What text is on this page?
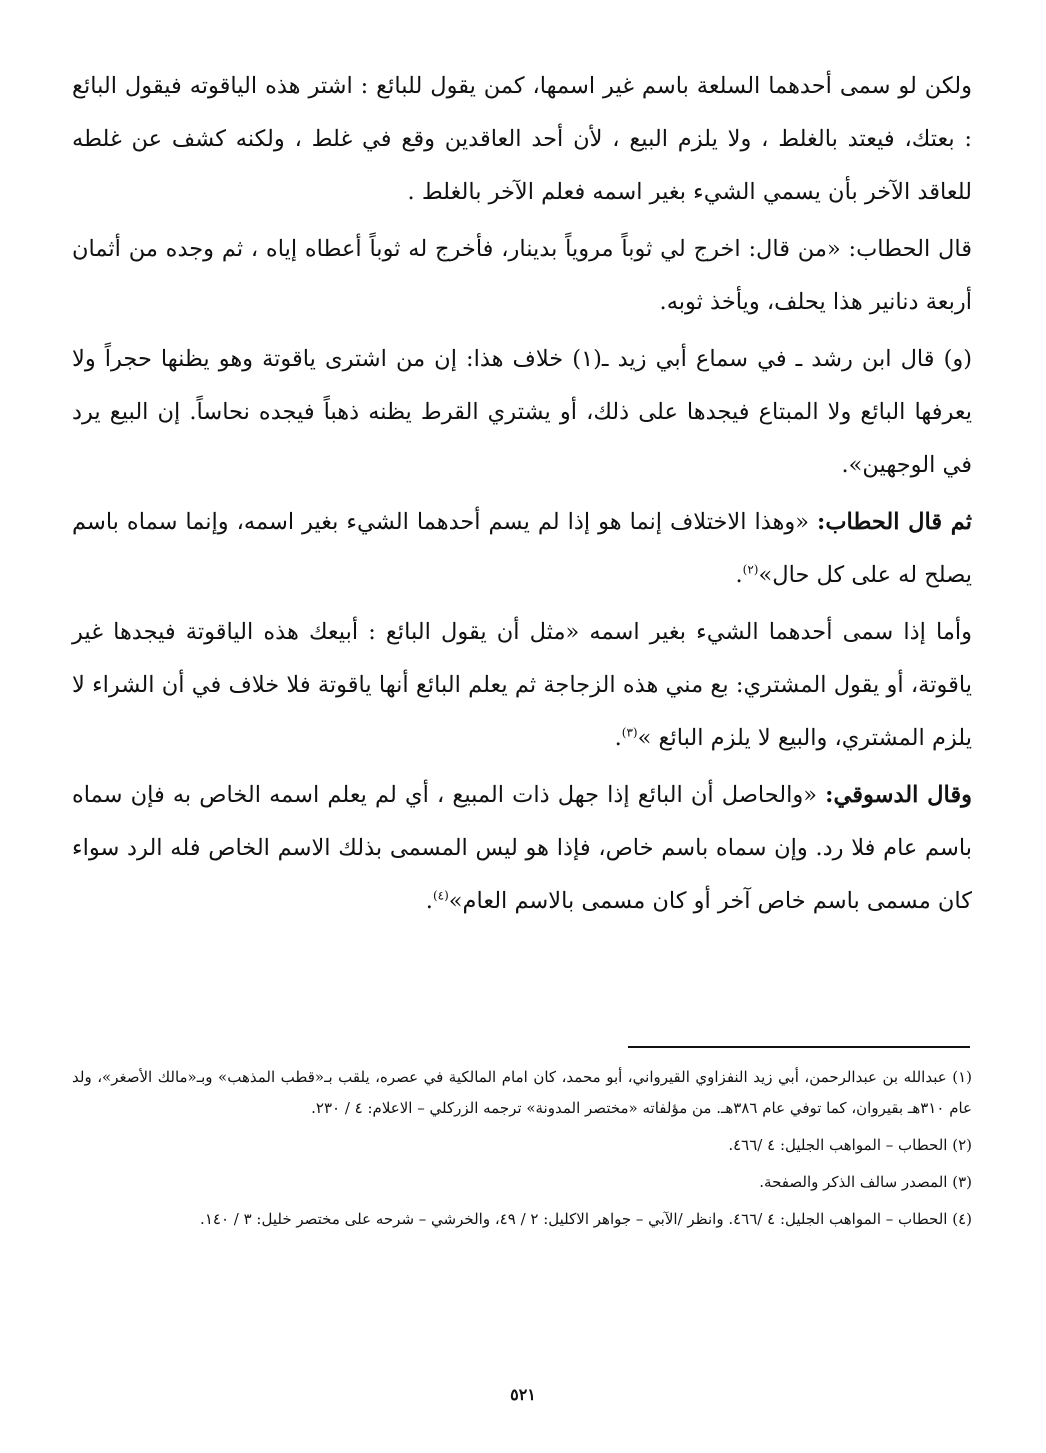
ولكن لو سمى أحدهما السلعة باسم غير اسمها، كمن يقول للبائع : اشتر هذه الياقوته فيقول البائع : بعتك، فيعتد بالغلط ، ولا يلزم البيع ، لأن أحد العاقدين وقع في غلط ، ولكنه كشف عن غلطه للعاقد الآخر بأن يسمي الشيء بغير اسمه فعلم الآخر بالغلط .

قال الحطاب: «من قال: اخرج لي ثوباً مروياً بدينار، فأخرج له ثوباً أعطاه إياه ، ثم وجده من أثمان أربعة دنانير هذا يحلف، ويأخذ ثوبه.

(و) قال ابن رشد ـ في سماع أبي زيد ـ(١) خلاف هذا: إن من اشترى ياقوتة وهو يظنها حجراً ولا يعرفها البائع ولا المبتاع فيجدها على ذلك، أو يشتري القرط يظنه ذهباً فيجده نحاساً. إن البيع يرد في الوجهين».

ثم قال الحطاب: «وهذا الاختلاف إنما هو إذا لم يسم أحدهما الشيء بغير اسمه، وإنما سماه باسم يصلح له على كل حال»$^{(٢)}$.

وأما إذا سمى أحدهما الشيء بغير اسمه «مثل أن يقول البائع : أبيعك هذه الياقوتة فيجدها غير ياقوتة، أو يقول المشتري: بع مني هذه الزجاجة ثم يعلم البائع أنها ياقوتة فلا خلاف في أن الشراء لا يلزم المشتري، والبيع لا يلزم البائع »$^{(٣)}$.

وقال الدسوقي: «والحاصل أن البائع إذا جهل ذات المبيع ، أي لم يعلم اسمه الخاص به فإن سماه باسم عام فلا رد. وإن سماه باسم خاص، فإذا هو ليس المسمى بذلك الاسم الخاص فله الرد سواء كان مسمى باسم خاص آخر أو كان مسمى بالاسم العام»$^{(٤)}$.

(١) عبدالله بن عبدالرحمن، أبي زيد النفزاوي القيرواني، أبو محمد، كان امام المالكية في عصره، يلقب بـ«قطب المذهب» وبـ«مالك الأصغر»، ولد عام ٣١٠هـ بقيروان، كما توفي عام ٣٨٦هـ. من مؤلفاته «مختصر المدونة» ترجمه الزركلي – الاعلام: ٤ / ٢٣٠.

(٢) الحطاب – المواهب الجليل: ٤ /٤٦٦.

(٣) المصدر سالف الذكر والصفحة.

(٤) الحطاب – المواهب الجليل: ٤ /٤٦٦. وانظر /الآبي – جواهر الاكليل: ٢ / ٤٩، والخرشي – شرحه على مختصر خليل: ٣ / ١٤٠.

٥٢١
